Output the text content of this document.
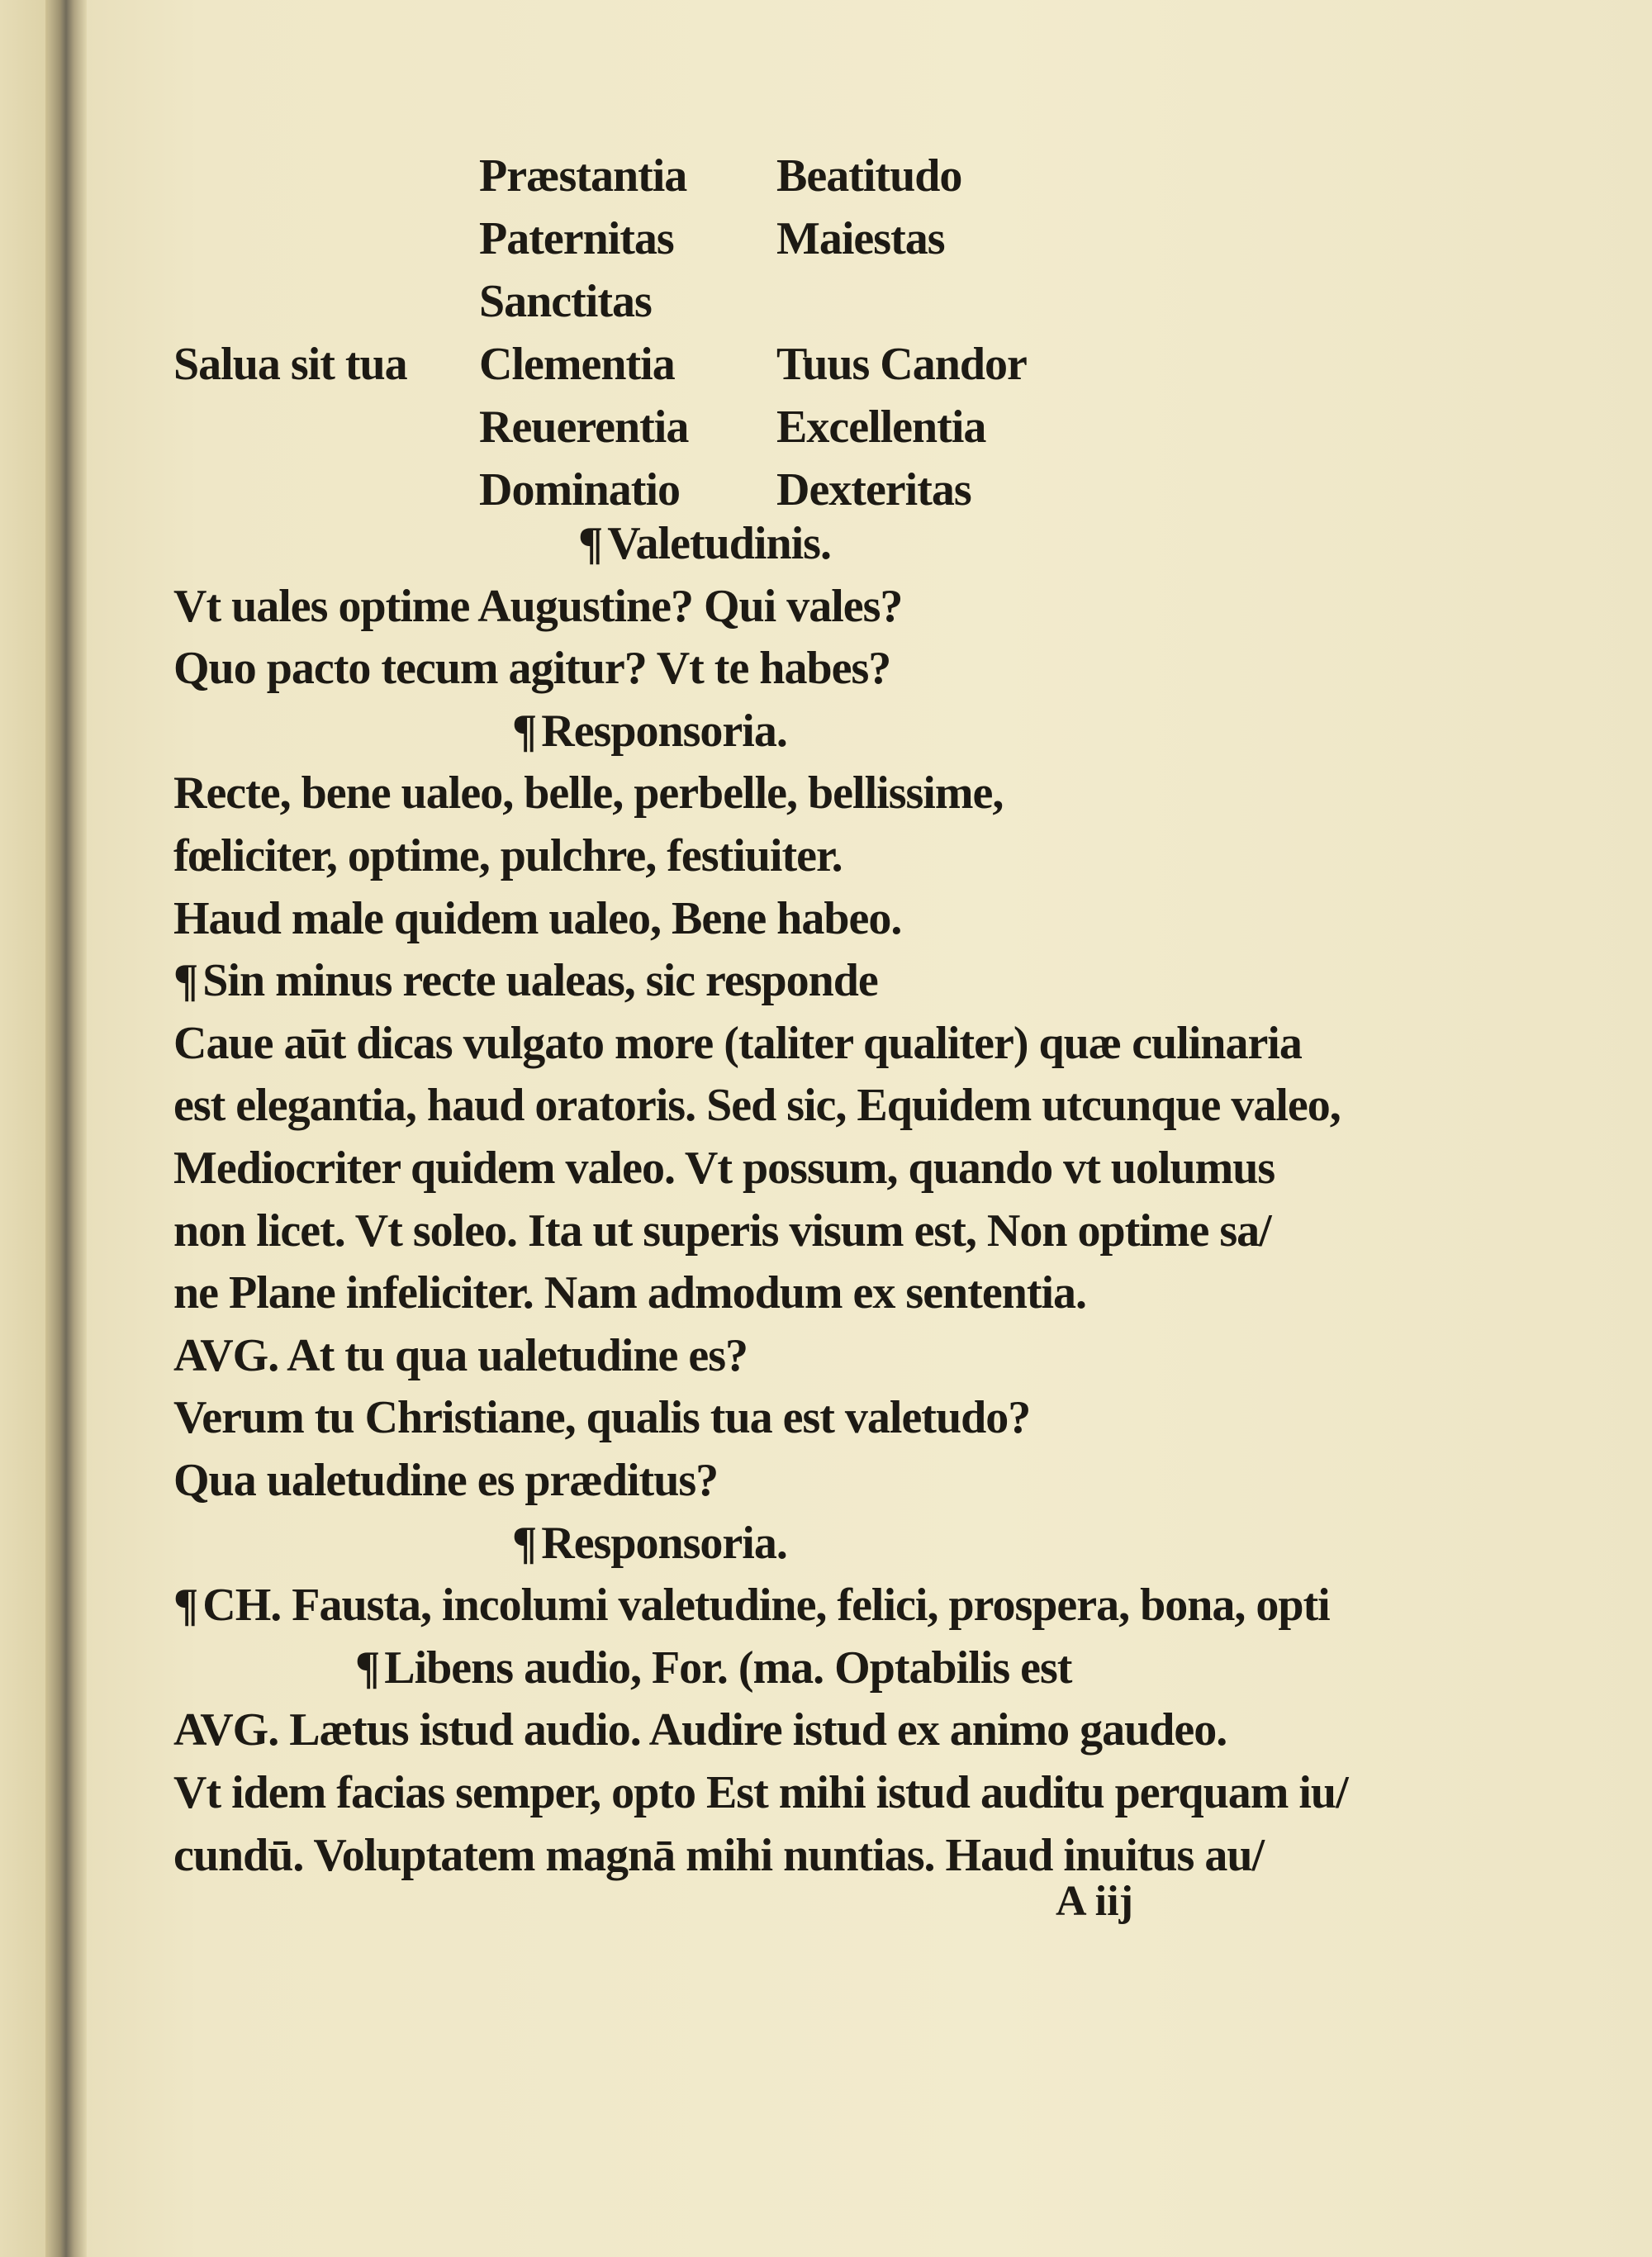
Præstantia
Paternitas
Sanctitas
Clementia
Reuerentia
Dominatio
Beatitudo
Maiestas
Tuus Candor
Excellentia
Dexteritas
Salua sit tua
¶ Valetudinis.
Vt uales optime Augustine? Qui vales?
Quo pacto tecum agitur? Vt te habes?
¶ Responsoria.
Recte, bene ualeo, belle, perbelle, bellissime,
fœliciter, optime, pulchre, festiuiter.
Haud male quidem ualeo, Bene habeo.
¶ Sin minus recte ualeas, sic responde
Caue aūt dicas vulgato more (taliter qualiter) quæ culinaria
est elegantia, haud oratoris. Sed sic, Equidem utcunque valeo,
Mediocriter quidem valeo. Vt possum, quando vt uolumus
non licet. Vt soleo. Ita ut superis visum est, Non optime sa/
ne Plane infeliciter. Nam admodum ex sententia.
AVG. At tu qua ualetudine es?
Verum tu Christiane, qualis tua est valetudo?
Qua ualetudine es præditus?
¶ Responsoria.
¶ CH. Fausta, incolumi valetudine, felici, prospera, bona, opti
¶ Libens audio, For. (ma. Optabilis est
AVG. Lætus istud audio. Audire istud ex animo gaudeo.
Vt idem facias semper, opto Est mihi istud auditu perquam iu/
cundū. Voluptatem magnā mihi nuntias. Haud inuitus au/
A iij
